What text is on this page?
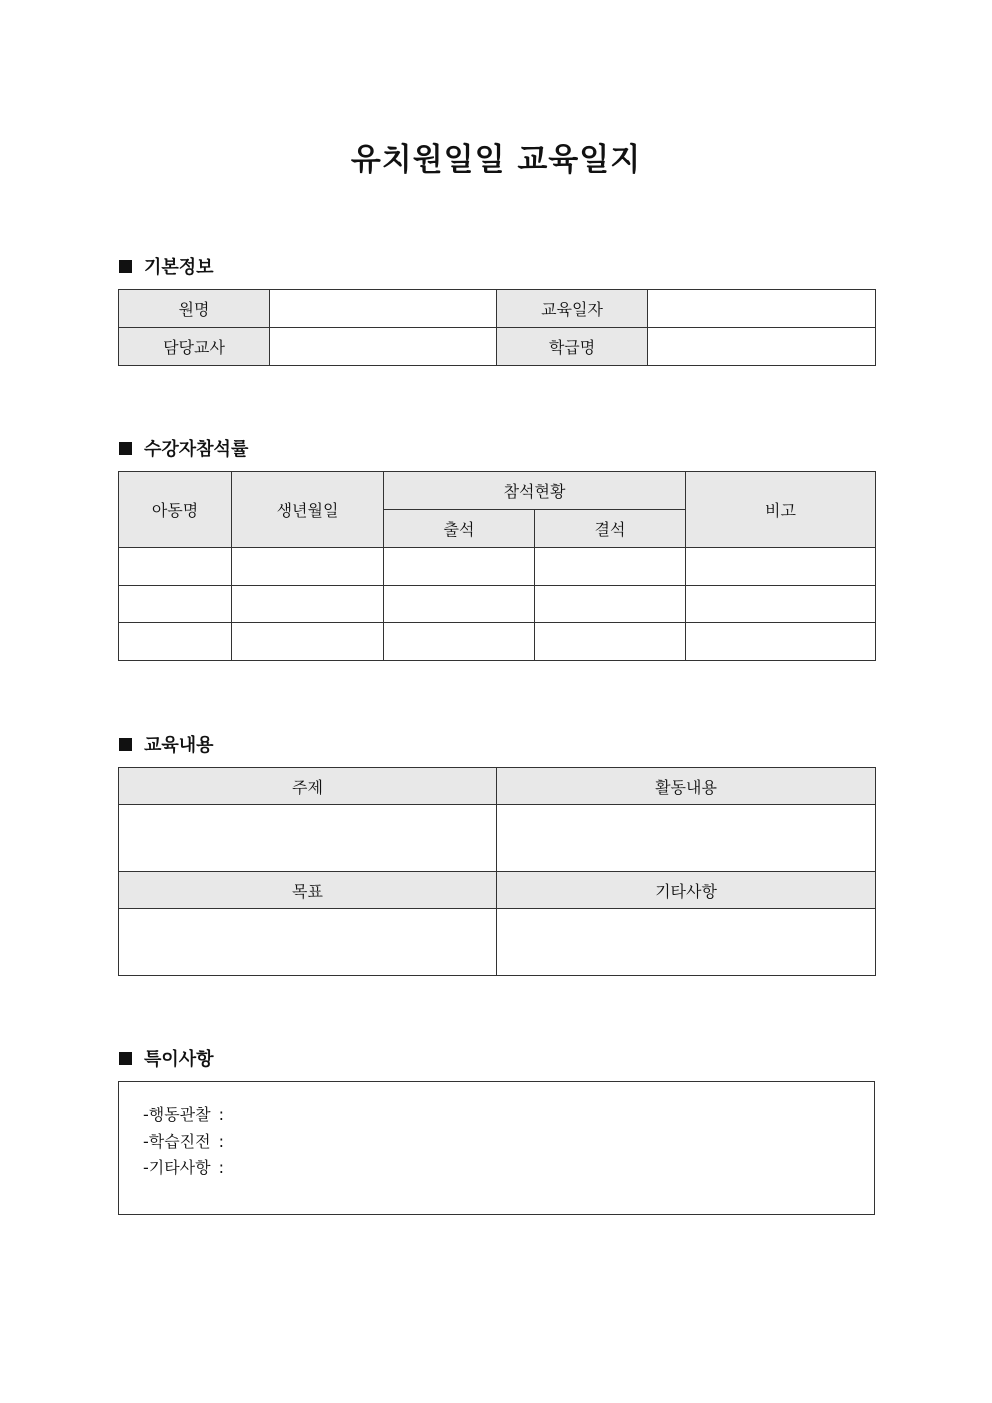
유치원일일 교육일지
기본정보
원명		교육일자	
담당교사		학급명	
수강자참석률
아동명	생년월일	참석현황		비고
		출석	결석	

교육내용
주제	활동내용

목표	기타사항

특이사항
-행동관찰 :
-학습진전 :
-기타사항 :
